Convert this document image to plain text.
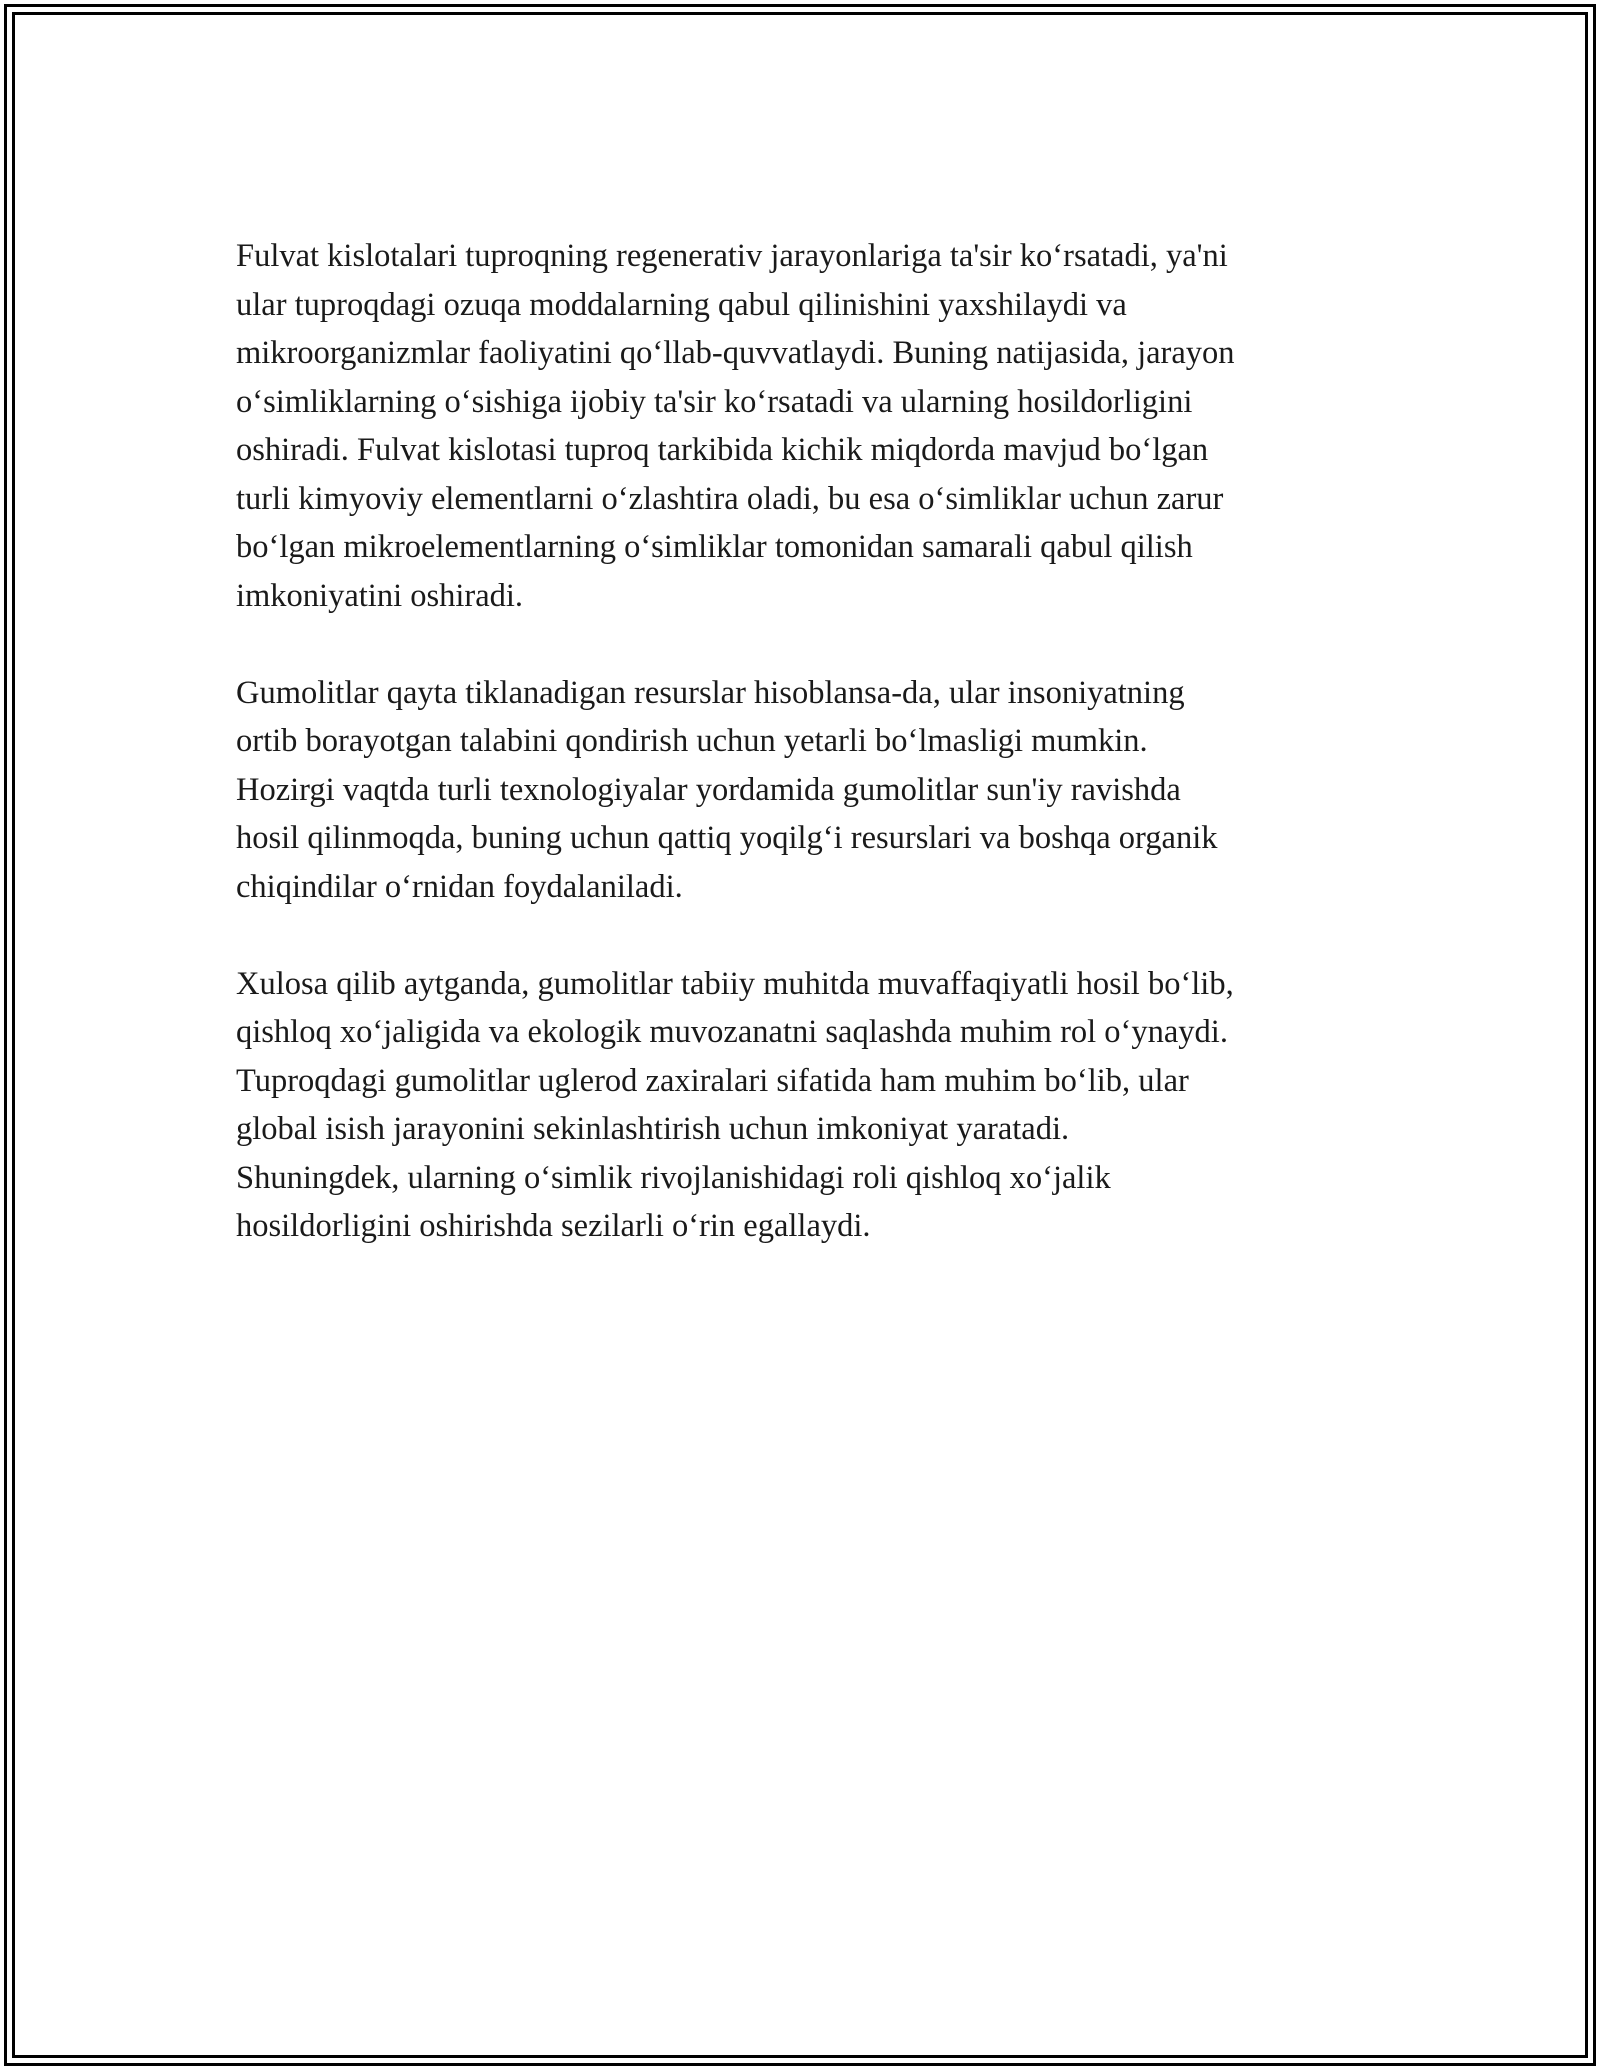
Fulvat kislotalari tuproqning regenerativ jarayonlariga ta'sir ko‘rsatadi, ya'ni
ular tuproqdagi ozuqa moddalarning qabul qilinishini yaxshilaydi va
mikroorganizmlar faoliyatini qo‘llab-quvvatlaydi. Buning natijasida, jarayon
o‘simliklarning o‘sishiga ijobiy ta'sir ko‘rsatadi va ularning hosildorligini
oshiradi. Fulvat kislotasi tuproq tarkibida kichik miqdorda mavjud bo‘lgan
turli kimyoviy elementlarni o‘zlashtira oladi, bu esa o‘simliklar uchun zarur
bo‘lgan mikroelementlarning o‘simliklar tomonidan samarali qabul qilish
imkoniyatini oshiradi.

Gumolitlar qayta tiklanadigan resurslar hisoblansa-da, ular insoniyatning
ortib borayotgan talabini qondirish uchun yetarli bo‘lmasligi mumkin.
Hozirgi vaqtda turli texnologiyalar yordamida gumolitlar sun'iy ravishda
hosil qilinmoqda, buning uchun qattiq yoqilg‘i resurslari va boshqa organik
chiqindilar o‘rnidan foydalaniladi.

Xulosa qilib aytganda, gumolitlar tabiiy muhitda muvaffaqiyatli hosil bo‘lib,
qishloq xo‘jaligida va ekologik muvozanatni saqlashda muhim rol o‘ynaydi.
Tuproqdagi gumolitlar uglerod zaxiralari sifatida ham muhim bo‘lib, ular
global isish jarayonini sekinlashtirish uchun imkoniyat yaratadi.
Shuningdek, ularning o‘simlik rivojlanishidagi roli qishloq xo‘jalik
hosildorligini oshirishda sezilarli o‘rin egallaydi.
